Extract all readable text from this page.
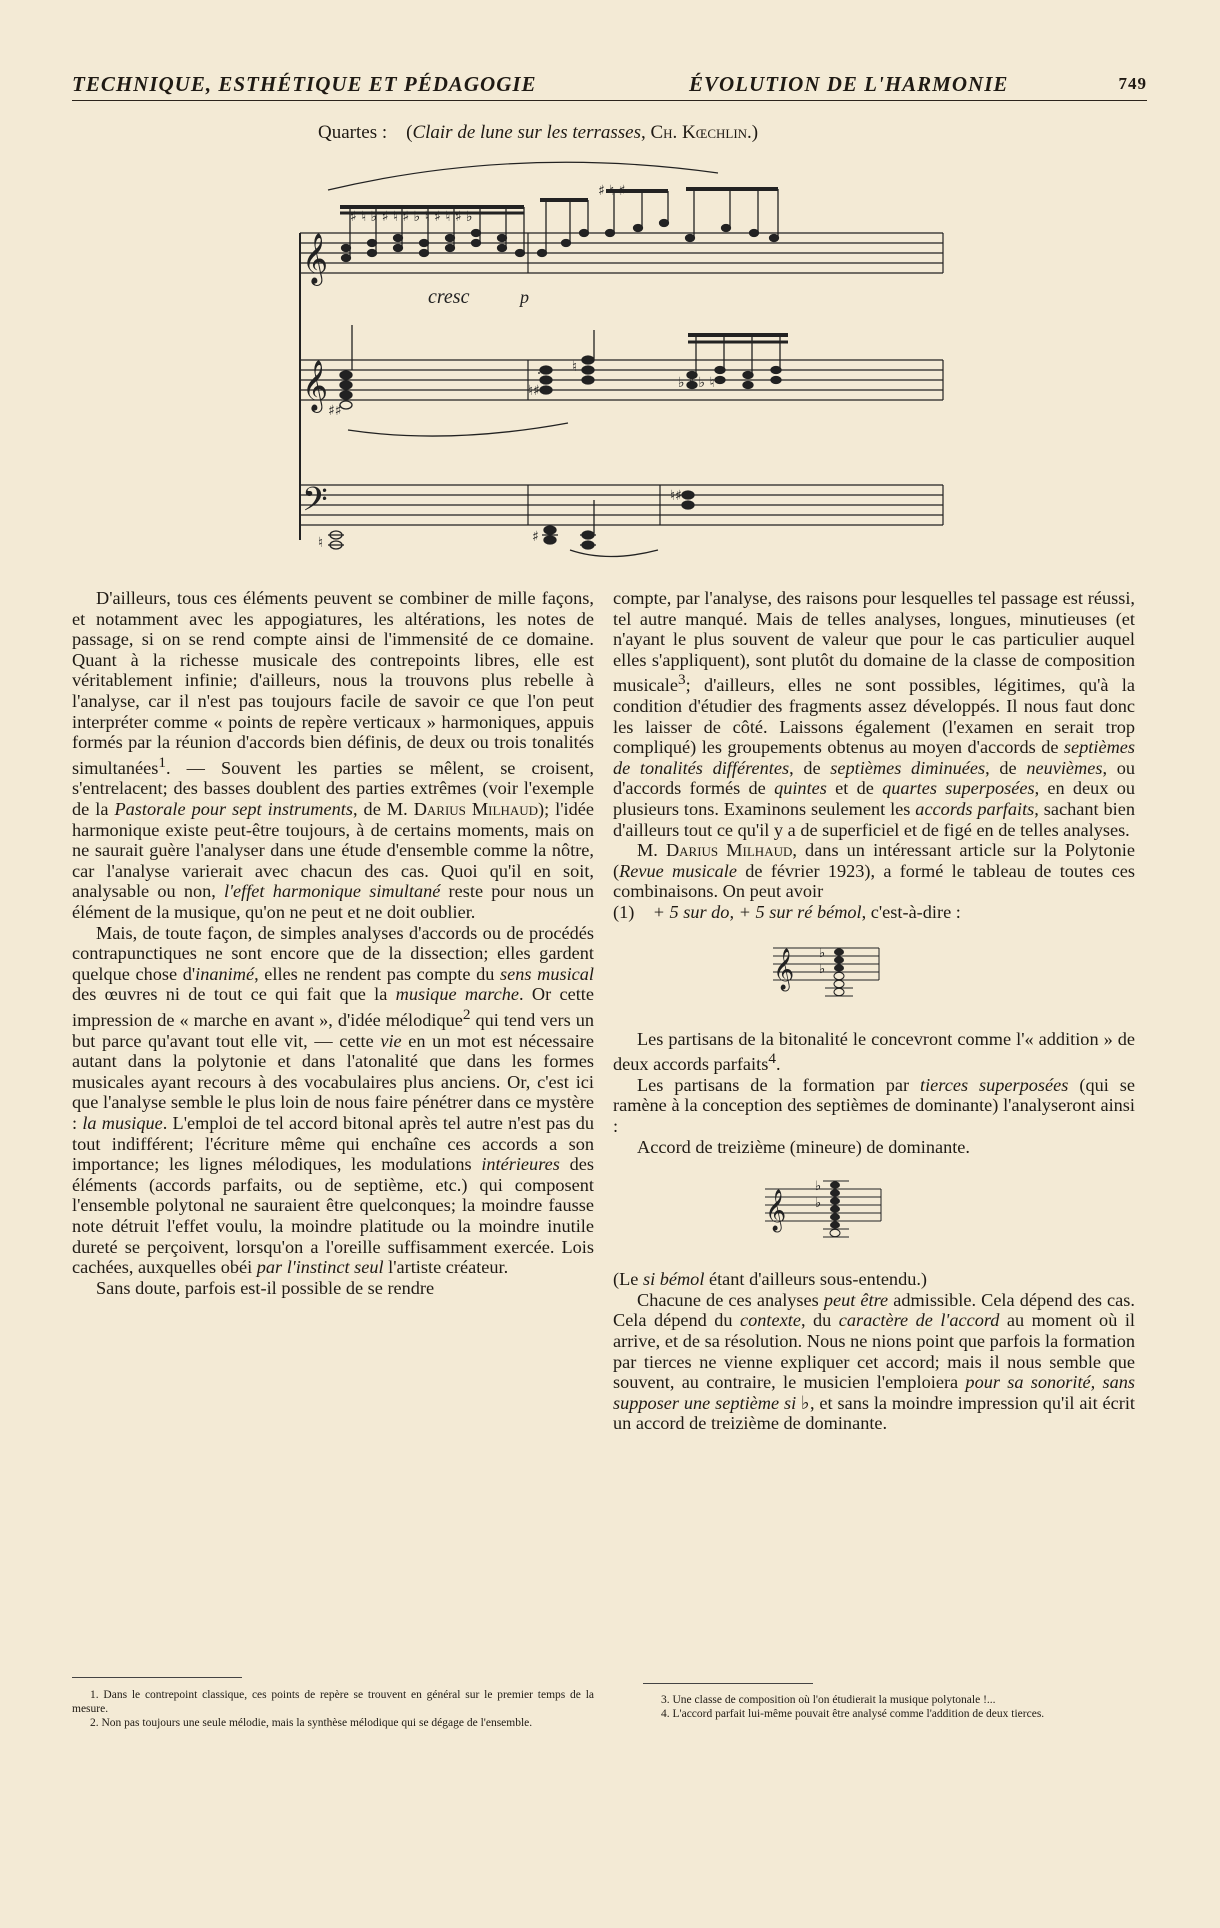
TECHNIQUE, ESTHÉTIQUE ET PÉDAGOGIE	ÉVOLUTION DE L'HARMONIE	749
Quartes :    (Clair de lune sur les terrasses, Ch. Kœchlin.)
𝄞
𝄞
𝄢
♯ ♮ ♭ ♯ ♮ ♯ ♭ ♮ ♯ ♮ ♯ ♭
♯ ♮ ♯
cresc	p
♯♯
♮♯
♮
♭ ♮ ♭ ♮
♮	♯
♮♯

D'ailleurs, tous ces éléments peuvent se combiner de mille façons, et notamment avec les appogiatures, les altérations, les notes de passage, si on se rend compte ainsi de l'immensité de ce domaine. Quant à la richesse musicale des contrepoints libres, elle est véritablement infinie; d'ailleurs, nous la trouvons plus rebelle à l'analyse, car il n'est pas toujours facile de savoir ce que l'on peut interpréter comme « points de repère verticaux » harmoniques, appuis formés par la réunion d'accords bien définis, de deux ou trois tonalités simultanées$^1$. — Souvent les parties se mêlent, se croisent, s'entrelacent; des basses doublent des parties extrêmes (voir l'exemple de la Pastorale pour sept instruments, de M. Darius Milhaud); l'idée harmonique existe peut-être toujours, à de certains moments, mais on ne saurait guère l'analyser dans une étude d'ensemble comme la nôtre, car l'analyse varierait avec chacun des cas. Quoi qu'il en soit, analysable ou non, l'effet harmonique simultané reste pour nous un élément de la musique, qu'on ne peut et ne doit oublier.

Mais, de toute façon, de simples analyses d'accords ou de procédés contrapunctiques ne sont encore que de la dissection; elles gardent quelque chose d'inanimé, elles ne rendent pas compte du sens musical des œuvres ni de tout ce qui fait que la musique marche. Or cette impression de « marche en avant », d'idée mélodique$^2$ qui tend vers un but parce qu'avant tout elle vit, — cette vie en un mot est nécessaire autant dans la polytonie et dans l'atonalité que dans les formes musicales ayant recours à des vocabulaires plus anciens. Or, c'est ici que l'analyse semble le plus loin de nous faire pénétrer dans ce mystère : la musique. L'emploi de tel accord bitonal après tel autre n'est pas du tout indifférent; l'écriture même qui enchaîne ces accords a son importance; les lignes mélodiques, les modulations intérieures des éléments (accords parfaits, ou de septième, etc.) qui composent l'ensemble polytonal ne sauraient être quelconques; la moindre fausse note détruit l'effet voulu, la moindre platitude ou la moindre inutile dureté se perçoivent, lorsqu'on a l'oreille suffisamment exercée. Lois cachées, auxquelles obéi par l'instinct seul l'artiste créateur.

Sans doute, parfois est-il possible de se rendre

compte, par l'analyse, des raisons pour lesquelles tel passage est réussi, tel autre manqué. Mais de telles analyses, longues, minutieuses (et n'ayant le plus souvent de valeur que pour le cas particulier auquel elles s'appliquent), sont plutôt du domaine de la classe de composition musicale$^3$; d'ailleurs, elles ne sont possibles, légitimes, qu'à la condition d'étudier des fragments assez développés. Il nous faut donc les laisser de côté. Laissons également (l'examen en serait trop compliqué) les groupements obtenus au moyen d'accords de septièmes de tonalités différentes, de septièmes diminuées, de neuvièmes, ou d'accords formés de quintes et de quartes superposées, en deux ou plusieurs tons. Examinons seulement les accords parfaits, sachant bien d'ailleurs tout ce qu'il y a de superficiel et de figé en de telles analyses.

M. Darius Milhaud, dans un intéressant article sur la Polytonie (Revue musicale de février 1923), a formé le tableau de toutes ces combinaisons. On peut avoir

(1) + 5 sur do, + 5 sur ré bémol, c'est-à-dire :

𝄞 ♭
♭

Les partisans de la bitonalité le concevront comme l'« addition » de deux accords parfaits$^4$.

Les partisans de la formation par tierces superposées (qui se ramène à la conception des septièmes de dominante) l'analyseront ainsi :

Accord de treizième (mineure) de dominante.

𝄞
♭
♭

(Le si bémol étant d'ailleurs sous-entendu.)

Chacune de ces analyses peut être admissible. Cela dépend des cas. Cela dépend du contexte, du caractère de l'accord au moment où il arrive, et de sa résolution. Nous ne nions point que parfois la formation par tierces ne vienne expliquer cet accord; mais il nous semble que souvent, au contraire, le musicien l'emploiera pour sa sonorité, sans supposer une septième si ♭, et sans la moindre impression qu'il ait écrit un accord de treizième de dominante.

1. Dans le contrepoint classique, ces points de repère se trouvent en général sur le premier temps de la mesure.

2. Non pas toujours une seule mélodie, mais la synthèse mélodique qui se dégage de l'ensemble.

3. Une classe de composition où l'on étudierait la musique polytonale !...

4. L'accord parfait lui-même pouvait être analysé comme l'addition de deux tierces.
